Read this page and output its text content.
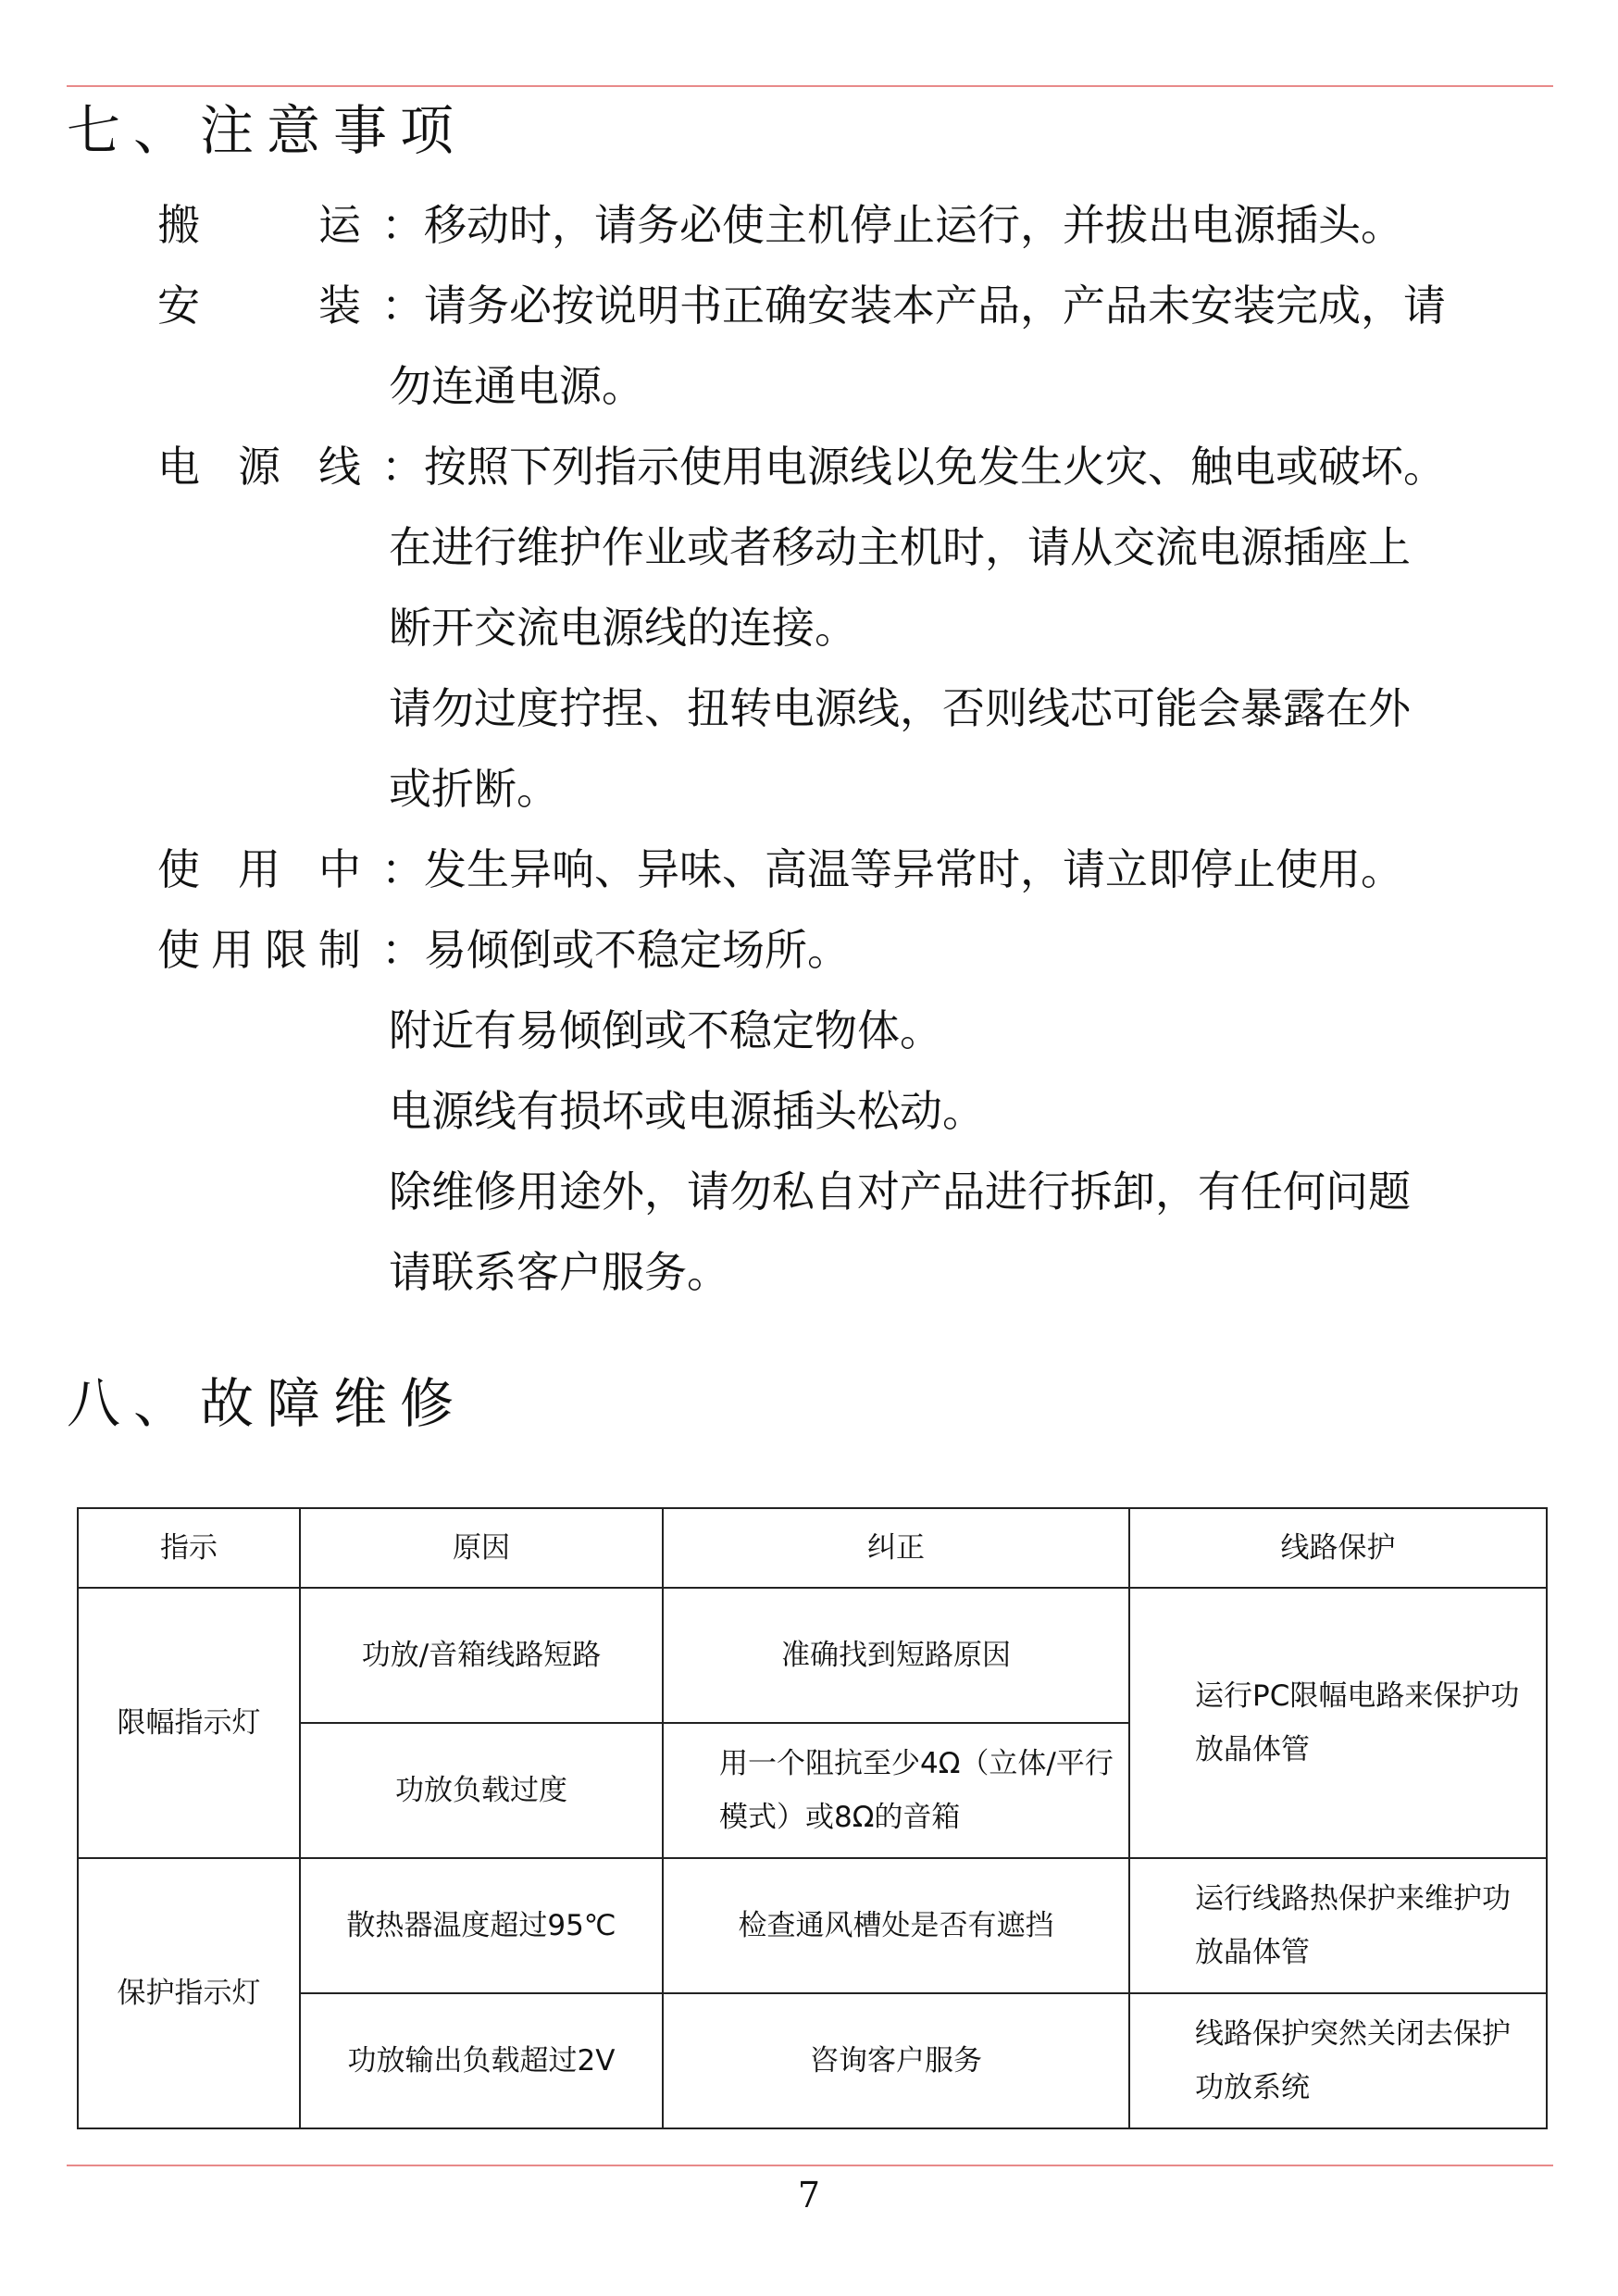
七、注意事项
搬	运 ：移动时，请务必使主机停止运行，并拔出电源插头。
安	装 ：请务必按说明书正确安装本产品，产品未安装完成，请
勿连通电源。
电 源 线 ：按照下列指示使用电源线以免发生火灾、触电或破坏。
在进行维护作业或者移动主机时，请从交流电源插座上
断开交流电源线的连接。
请勿过度拧捏、扭转电源线，否则线芯可能会暴露在外
或折断。
使 用 中 ：发生异响、异味、高温等异常时，请立即停止使用。
使 用 限 制 ：易倾倒或不稳定场所。
附近有易倾倒或不稳定物体。
电源线有损坏或电源插头松动。
除维修用途外，请勿私自对产品进行拆卸，有任何问题
请联系客户服务。
八、故障维修
指示	原因	纠正	线路保护
限幅指示灯	功放/音箱线路短路	准确找到短路原因	运行PC限幅电路来保护功放晶体管
	功放负载过度	用一个阻抗至少4Ω（立体/平行模式）或8Ω的音箱	
保护指示灯	散热器温度超过95℃	检查通风槽处是否有遮挡	运行线路热保护来维护功放晶体管
	功放输出负载超过2V	咨询客户服务	线路保护突然关闭去保护功放系统
7
